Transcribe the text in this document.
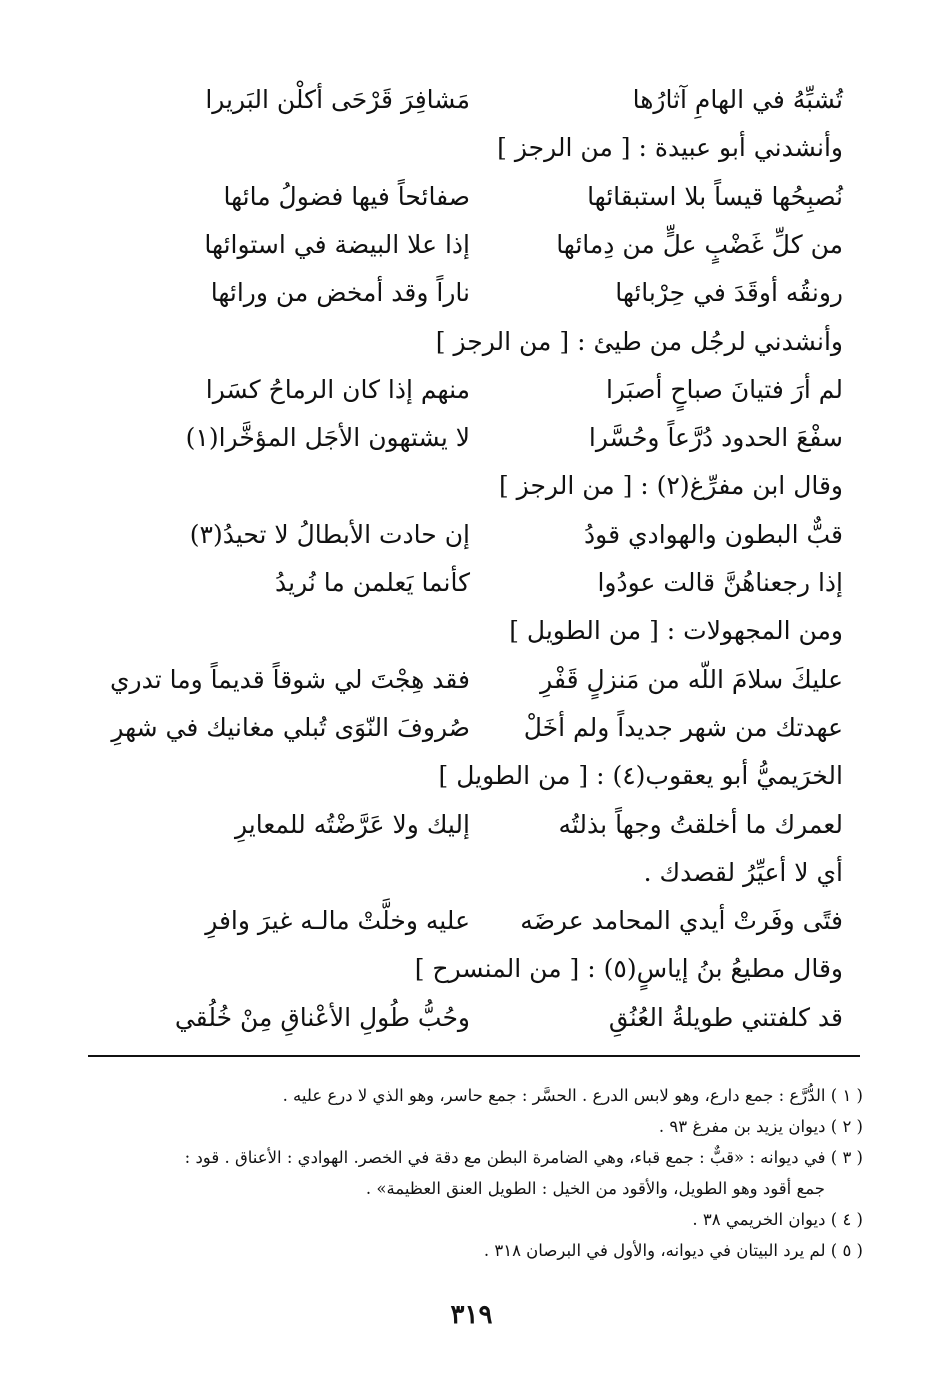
تُشبِّهُ في الهامِ آثارُها
مَشافِرَ قَرْحَى أكلْن البَريرا
وأنشدني أبو عبيدة : [ من الرجز ]
نُصبِحُها قيساً بلا استبقائها
صفائحاً فيها فضولُ مائها
من كلِّ غَضْبٍ علٍّ من دِمائها
إذا علا البيضة في استوائها
رونقُه أوقَدَ في حِرْبائها
ناراً وقد أمخض من ورائها
وأنشدني لرجُل من طيئ : [ من الرجز ]
لم أرَ فتيانَ صباحٍ أصبَرا
منهم إذا كان الرماحُ كسَرا
سفْعَ الحدود دُرَّعاً وحُسَّرا
لا يشتهون الأجَل المؤخَّرا(١)
وقال ابن مفرِّغ(٢) : [ من الرجز ]
قبٌّ البطون والهوادي قودُ
إن حادت الأبطالُ لا تحيدُ(٣)
إذا رجعناهُنَّ قالت عودُوا
كأنما يَعلمن ما نُريدُ
ومن المجهولات : [ من الطويل ]
عليكَ سلامَ اللّه من مَنزلٍ قَفْرِ
فقد هِجْتَ لي شوقاً قديماً وما تدري
عهدتك من شهر جديداً ولم أخَلْ
صُروفَ النّوَى تُبلي مغانيك في شهرِ
الخرَيميُّ أبو يعقوب(٤) : [ من الطويل ]
لعمرك ما أخلقتُ وجهاً بذلتُه
إليك ولا عَرَّضْتُه للمعايرِ
أي لا أعيِّرُ لقصدك .
فتًى وفَرتْ أيدي المحامد عرضَه
عليه وخلَّتْ مالـه غيرَ وافرِ
وقال مطيعُ بنُ إياسٍ(٥) : [ من المنسرح ]
قد كلفتني طويلةُ العُنُقِ
وحُبُّ طُولِ الأعْناقِ مِنْ خُلُقي
( ١ ) الدُّرَّع : جمع دارع، وهو لابس الدرع . الحسَّر : جمع حاسر، وهو الذي لا درع عليه .
( ٢ ) ديوان يزيد بن مفرغ ٩٣ .
( ٣ ) في ديوانه : «قبٌّ : جمع قباء، وهي الضامرة البطن مع دقة في الخصر. الهوادي : الأعناق . قود :
جمع أقود وهو الطويل، والأقود من الخيل : الطويل العنق العظيمة» .
( ٤ ) ديوان الخريمي ٣٨ .
( ٥ ) لم يرد البيتان في ديوانه، والأول في البرصان ٣١٨ .
٣١٩
